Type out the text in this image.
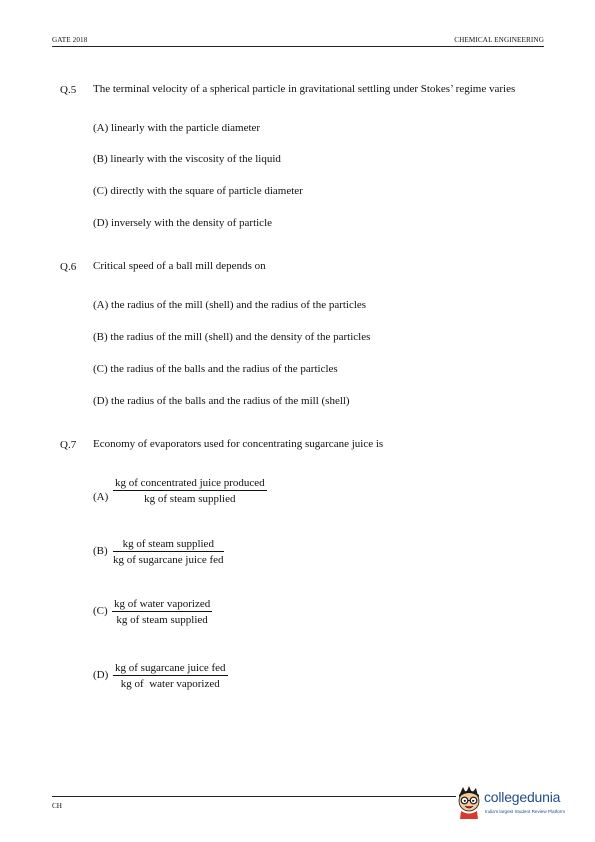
GATE 2018	CHEMICAL ENGINEERING
Q.5 The terminal velocity of a spherical particle in gravitational settling under Stokes’ regime varies
(A) linearly with the particle diameter
(B) linearly with the viscosity of the liquid
(C) directly with the square of particle diameter
(D) inversely with the density of particle
Q.6 Critical speed of a ball mill depends on
(A) the radius of the mill (shell) and the radius of the particles
(B) the radius of the mill (shell) and the density of the particles
(C) the radius of the balls and the radius of the particles
(D) the radius of the balls and the radius of the mill (shell)
Q.7 Economy of evaporators used for concentrating sugarcane juice is
(A)
kg of concentrated juice produced
kg of steam supplied
(B)
kg of steam supplied
kg of sugarcane juice fed
(C)
kg of water vaporized
kg of steam supplied
(D)
kg of sugarcane juice fed
kg of  water vaporized
CH
collegedunia
India's largest Student Review Platform
